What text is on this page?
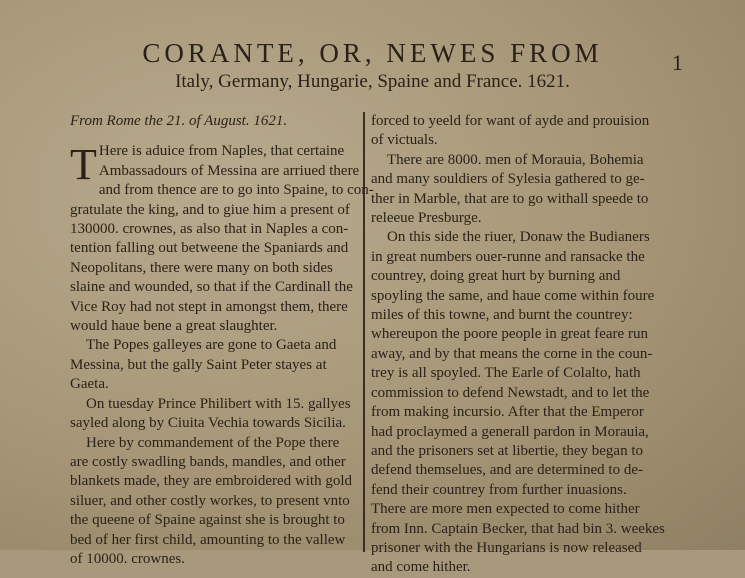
CORANTE, OR, NEWES FROM
Italy, Germany, Hungarie, Spaine and France. 1621.
1

From Rome the 21. of August. 1621.

T Here is aduice from Naples, that certaine

Ambassadours of Messina are arriued there

and from thence are to go into Spaine, to con-

gratulate the king, and to giue him a present of

130000. crownes, as also that in Naples a con-

tention falling out betweene the Spaniards and

Neopolitans, there were many on both sides

slaine and wounded, so that if the Cardinall the

Vice Roy had not stept in amongst them, there

would haue bene a great slaughter.

The Popes galleyes are gone to Gaeta and

Messina, but the gally Saint Peter stayes at

Gaeta.

On tuesday Prince Philibert with 15. gallyes

sayled along by Ciuita Vechia towards Sicilia.

Here by commandement of the Pope there

are costly swadling bands, mandles, and other

blankets made, they are embroidered with gold

siluer, and other costly workes, to present vnto

the queene of Spaine against she is brought to

bed of her first child, amounting to the vallew

of 10000. crownes.

forced to yeeld for want of ayde and prouision

of victuals.

There are 8000. men of Morauia, Bohemia

and many souldiers of Sylesia gathered to ge-

ther in Marble, that are to go withall speede to

releeue Presburge.

On this side the riuer, Donaw the Budianers

in great numbers ouer-runne and ransacke the

countrey, doing great hurt by burning and

spoyling the same, and haue come within foure

miles of this towne, and burnt the countrey:

whereupon the poore people in great feare run

away, and by that means the corne in the coun-

trey is all spoyled. The Earle of Colalto, hath

commission to defend Newstadt, and to let the

from making incursio. After that the Emperor

had proclaymed a generall pardon in Morauia,

and the prisoners set at libertie, they began to

defend themselues, and are determined to de-

fend their countrey from further inuasions.

There are more men expected to come hither

from Inn. Captain Becker, that had bin 3. weekes

prisoner with the Hungarians is now released

and come hither.
